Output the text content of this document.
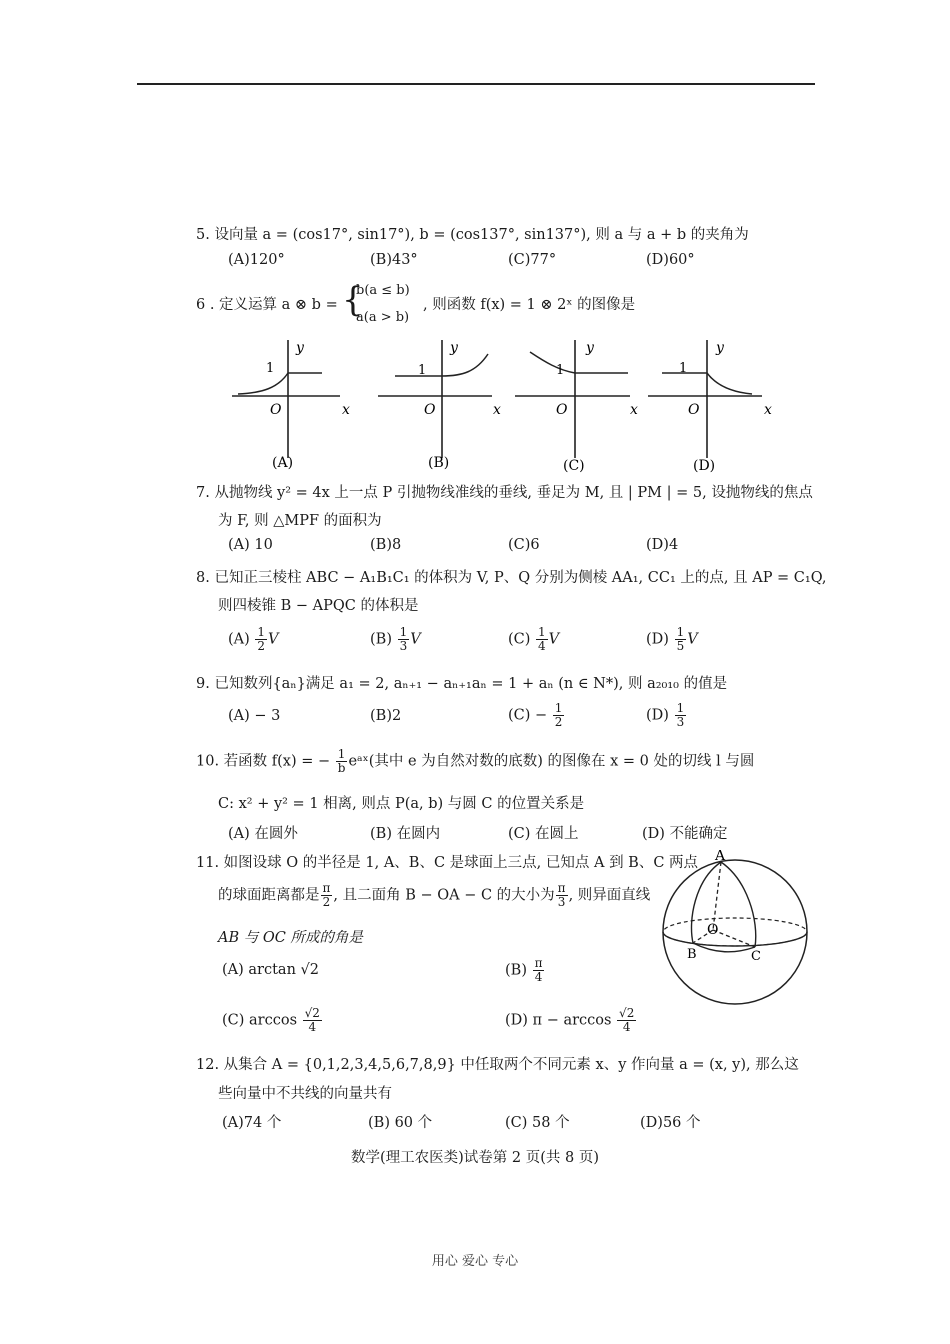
5. 设向量 a = (cos17°, sin17°), b = (cos137°, sin137°), 则 a 与 a + b 的夹角为
(A)120°	(B)43°	(C)77°	(D)60°
6 . 定义运算 a ⊗ b = {
b(a ≤ b)
a(a > b)
, 则函数 f(x) = 1 ⊗ 2ˣ 的图像是
y
1
O	x
(A)
y
1
O	x
(B)
y
1
O	x
(C)
y
1
O	x
(D)
7. 从抛物线 y² = 4x 上一点 P 引抛物线准线的垂线, 垂足为 M, 且 | PM | = 5, 设抛物线的焦点
为 F, 则 △MPF 的面积为
(A) 10	(B)8	(C)6	(D)4
8. 已知正三棱柱 ABC − A₁B₁C₁ 的体积为 V, P、Q 分别为侧棱 AA₁, CC₁ 上的点, 且 AP = C₁Q,
则四棱锥 B − APQC 的体积是
$(A) \frac{1}{2}$ V	$(B) \frac{1}{3}$ V	$(C) \frac{1}{4}$ V	$(D) \frac{1}{5}$ V
9. 已知数列{aₙ}满足 a₁ = 2, aₙ₊₁ − aₙ₊₁aₙ = 1 + aₙ (n ∈ N*), 则 a₂₀₁₀ 的值是
(A) − 3	(B)2	$(C) - \frac{1}{2}$	$(D) \frac{1}{3}$
10. 若函数 f(x) = − $\frac{1}{b}$ eᵃˣ(其中 e 为自然对数的底数) 的图像在 x = 0 处的切线 l 与圆
C: x² + y² = 1 相离, 则点 P(a, b) 与圆 C 的位置关系是
(A) 在圆外	(B) 在圆内	(C) 在圆上	(D) 不能确定
11. 如图设球 O 的半径是 1, A、B、C 是球面上三点, 已知点 A 到 B、C 两点
的球面距离都是 $\frac{\pi}{2}$ , 且二面角 B − OA − C 的大小为 $\frac{\pi}{3}$ , 则异面直线
AB 与 OC 所成的角是
(A) arctan √2	$(B) \frac{\pi}{4}$
(C) $\arccos \frac{√2}{4}$	(D) $\pi - \arccos \frac{√2}{4}$
A
O
B	C
12. 从集合 A = {0,1,2,3,4,5,6,7,8,9} 中任取两个不同元素 x、y 作向量 a = (x, y), 那么这
些向量中不共线的向量共有
(A)74 个	(B) 60 个	(C) 58 个	(D)56 个
数学(理工农医类)试卷第 2 页(共 8 页)
用心 爱心 专心
